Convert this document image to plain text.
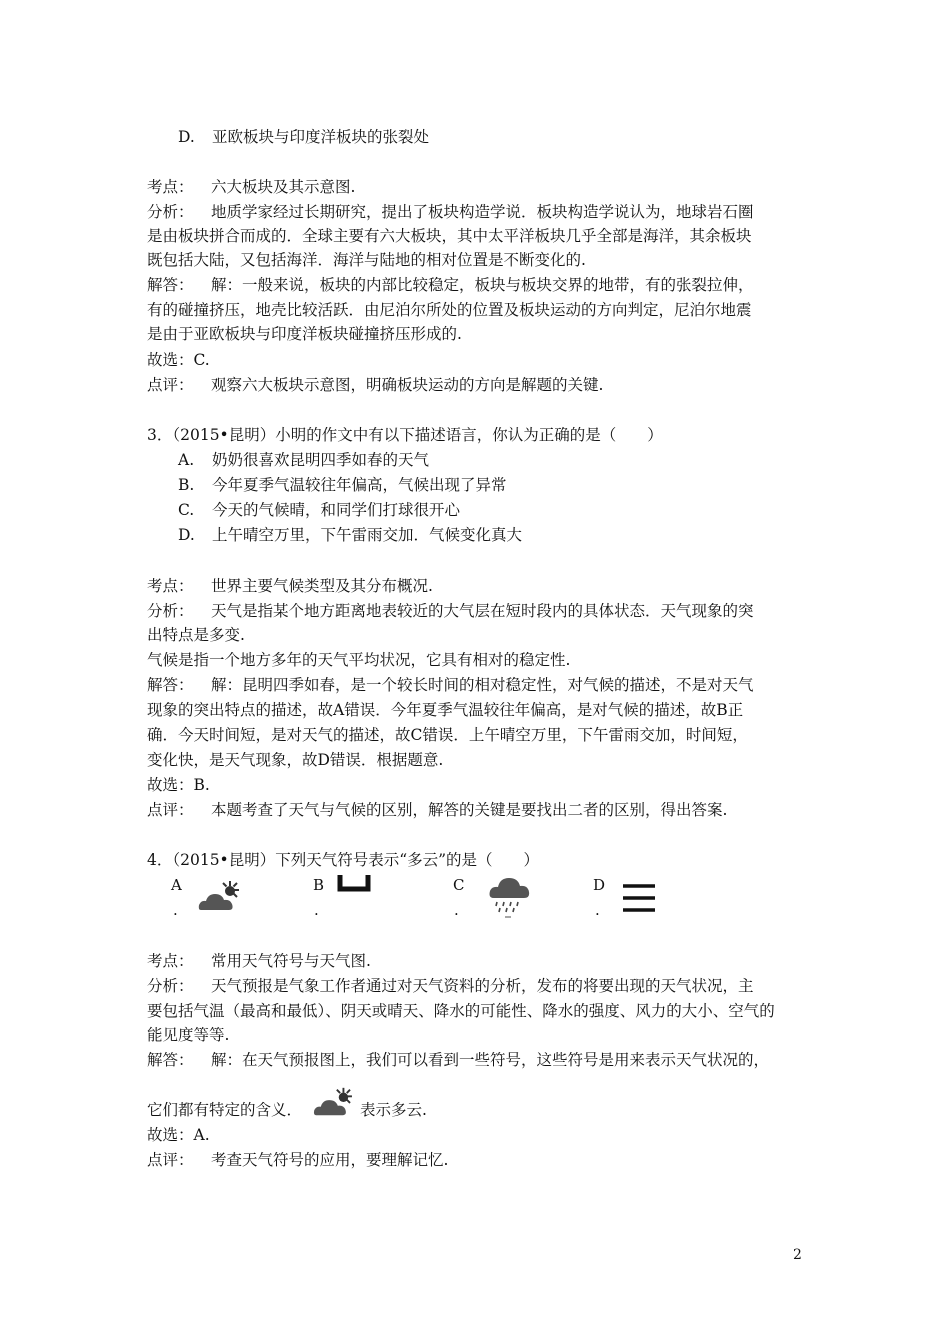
D. 亚欧板块与印度洋板块的张裂处
考点： 六大板块及其示意图.
分析： 地质学家经过长期研究，提出了板块构造学说．板块构造学说认为，地球岩石圈
是由板块拼合而成的．全球主要有六大板块，其中太平洋板块几乎全部是海洋，其余板块
既包括大陆，又包括海洋．海洋与陆地的相对位置是不断变化的.
解答： 解：一般来说，板块的内部比较稳定，板块与板块交界的地带，有的张裂拉伸，
有的碰撞挤压，地壳比较活跃．由尼泊尔所处的位置及板块运动的方向判定，尼泊尔地震
是由于亚欧板块与印度洋板块碰撞挤压形成的.
故选：C.
点评： 观察六大板块示意图，明确板块运动的方向是解题的关键.
3．（2015•昆明）小明的作文中有以下描述语言，你认为正确的是（　　）
A. 奶奶很喜欢昆明四季如春的天气
B. 今年夏季气温较往年偏高，气候出现了异常
C. 今天的气候晴，和同学们打球很开心
D. 上午晴空万里，下午雷雨交加．气候变化真大
考点： 世界主要气候类型及其分布概况.
分析： 天气是指某个地方距离地表较近的大气层在短时段内的具体状态．天气现象的突
出特点是多变.
气候是指一个地方多年的天气平均状况，它具有相对的稳定性.
解答： 解：昆明四季如春，是一个较长时间的相对稳定性，对气候的描述，不是对天气
现象的突出特点的描述，故A错误．今年夏季气温较往年偏高，是对气候的描述，故B正
确．今天时间短，是对天气的描述，故C错误．上午晴空万里，下午雷雨交加，时间短，
变化快，是天气现象，故D错误．根据题意.
故选：B.
点评： 本题考查了天气与气候的区别，解答的关键是要找出二者的区别，得出答案.
4．（2015•昆明）下列天气符号表示“多云”的是（　　）
A
.
B
.
C
.
D
.
考点： 常用天气符号与天气图.
分析： 天气预报是气象工作者通过对天气资料的分析，发布的将要出现的天气状况，主
要包括气温（最高和最低）、阴天或晴天、降水的可能性、降水的强度、风力的大小、空气的
能见度等等.
解答： 解：在天气预报图上，我们可以看到一些符号，这些符号是用来表示天气状况的，
它们都有特定的含义．	表示多云.
故选：A.
点评： 考查天气符号的应用，要理解记忆.
2
